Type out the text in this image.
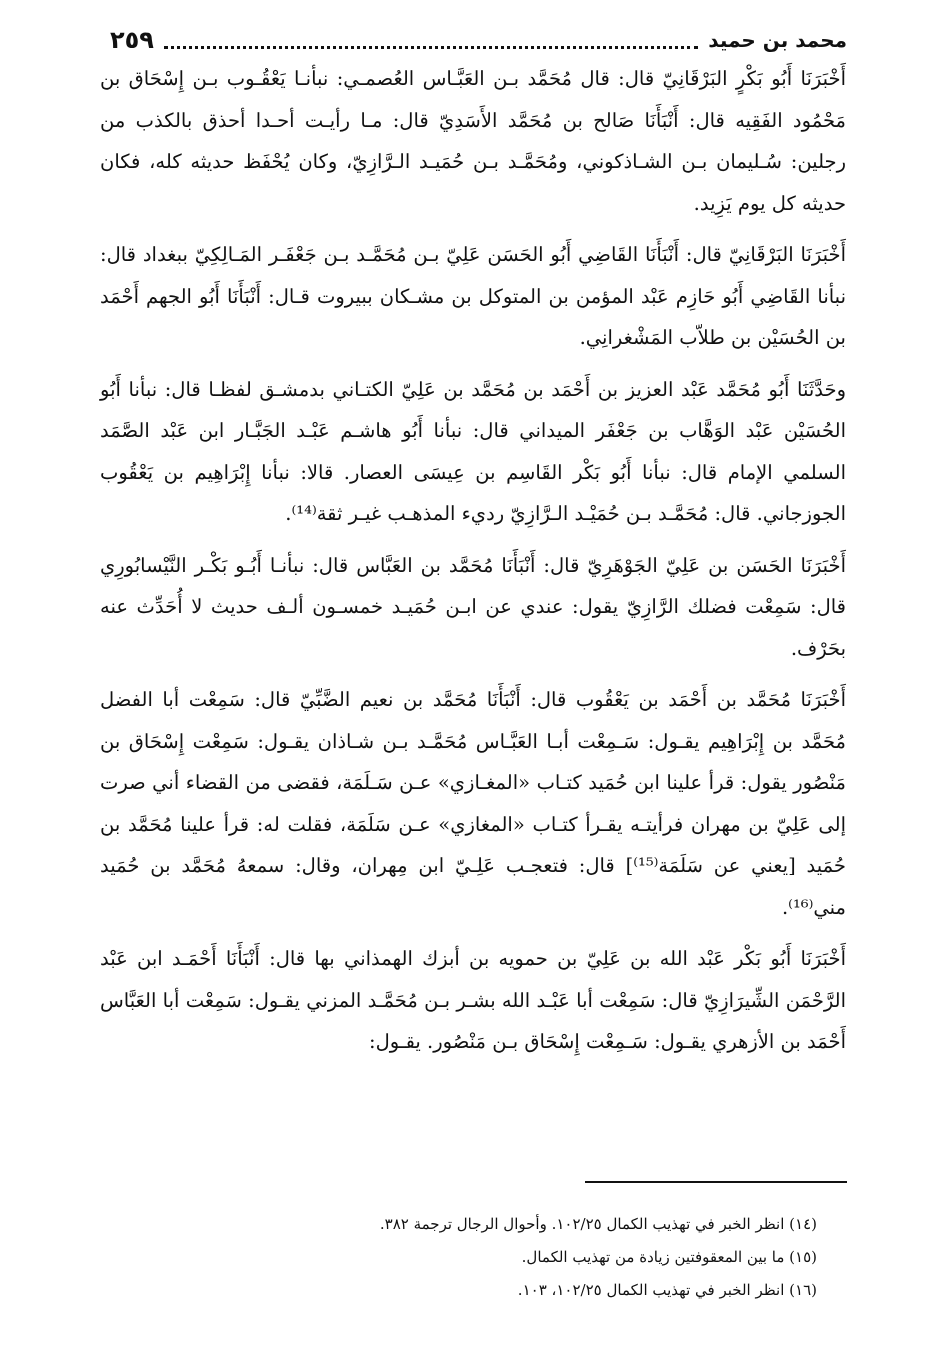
محمد بن حميد
٢٥٩

أَخْبَرَنَا أَبُو بَكْرٍ البَرْقَانِيّ قال: قال مُحَمَّد بـن العَبَّـاس العُصمـي: نبأنـا يَعْقُـوب بـن إِسْحَاق بن مَحْمُود الفَقِيه قال: أَنْبَأَنَا صَالح بن مُحَمَّد الأَسَدِيّ قال: مـا رأيـت أحـدا أحذق بالكذب من رجلين: سُـليمان بـن الشـاذكوني، ومُحَمَّـد بـن حُمَيـد الـرَّازِيّ، وكان يُحْفَظ حديثه كله، فكان حديثه كل يوم يَزِيد.

أَخْبَرَنَا البَرْقَانِيّ قال: أَنْبَأَنَا القَاضِي أَبُو الحَسَن عَلِيّ بـن مُحَمَّـد بـن جَعْفَـر المَـالِكِيّ ببغداد قال: نبأنا القَاضِي أَبُو حَازِم عَبْد المؤمن بن المتوكل بن مشـكان ببيروت قـال: أَنْبَأَنَا أَبُو الجهم أَحْمَد بن الحُسَيْن بن طلاّب المَشْغرانِي.

وحَدَّثَنَا أَبُو مُحَمَّد عَبْد العزيز بن أَحْمَد بن مُحَمَّد بن عَلِيّ الكتـاني بدمشـق لفظـا قال: نبأنا أَبُو الحُسَيْن عَبْد الوَهَّاب بن جَعْفَر الميداني قال: نبأنا أَبُو هاشـم عَبْـد الجَبَّـار ابن عَبْد الصَّمَد السلمي الإمام قال: نبأنا أَبُو بَكْر القَاسِم بن عِيسَى العصار. قالا: نبأنا إِبْرَاهِيم بن يَعْقُوب الجوزجاني. قال: مُحَمَّـد بـن حُمَيْـد الـرَّازِيّ رديء المذهـب غيـر ثقة⁽¹⁴⁾.

أَخْبَرَنَا الحَسَن بن عَلِيّ الجَوْهَرِيّ قال: أَنْبَأَنَا مُحَمَّد بن العَبَّاس قال: نبأنـا أَبُـو بَكْـر النَّيْسابُورِي قال: سَمِعْت فضلك الرَّازِيّ يقول: عندي عن ابـن حُمَيـد خمسـون ألـف حديث لا أُحَدِّث عنه بحَرْف.

أَخْبَرَنَا مُحَمَّد بن أَحْمَد بن يَعْقُوب قال: أَنْبَأَنَا مُحَمَّد بن نعيم الضَّبِّيّ قال: سَمِعْت أبا الفضل مُحَمَّد بن إِبْرَاهِيم يقـول: سَـمِعْت أبـا العَبَّـاس مُحَمَّـد بـن شـاذان يقـول: سَمِعْت إِسْحَاق بن مَنْصُور يقول: قرأ علينا ابن حُمَيد كتـاب «المغـازي» عـن سَـلَمَة، فقضى من القضاء أني صرت إلى عَلِيّ بن مهران فرأيتـه يقـرأ كتـاب «المغازي» عـن سَلَمَة، فقلت له: قرأ علينا مُحَمَّد بن حُمَيد [يعني عن سَلَمَة⁽¹⁵⁾] قال: فتعجـب عَلِـيّ ابن مِهران، وقال: سمعهُ مُحَمَّد بن حُمَيد مني⁽¹⁶⁾.

أَخْبَرَنَا أَبُو بَكْر عَبْد الله بن عَلِيّ بن حمويه بن أبزك الهمذاني بها قال: أَنْبَأَنَا أَحْمَـد ابن عَبْد الرَّحْمَن الشِّيرَازِيّ قال: سَمِعْت أبا عَبْـد الله بشـر بـن مُحَمَّـد المزني يقـول: سَمِعْت أبا العَبَّاس أَحْمَد بن الأزهري يقـول: سَـمِعْت إِسْحَاق بـن مَنْصُور. يقـول:

(١٤) انظر الخبر في تهذيب الكمال ١٠٢/٢٥. وأحوال الرجال ترجمة ٣٨٢.

(١٥) ما بين المعقوفتين زيادة من تهذيب الكمال.

(١٦) انظر الخبر في تهذيب الكمال ١٠٢/٢٥، ١٠٣.
